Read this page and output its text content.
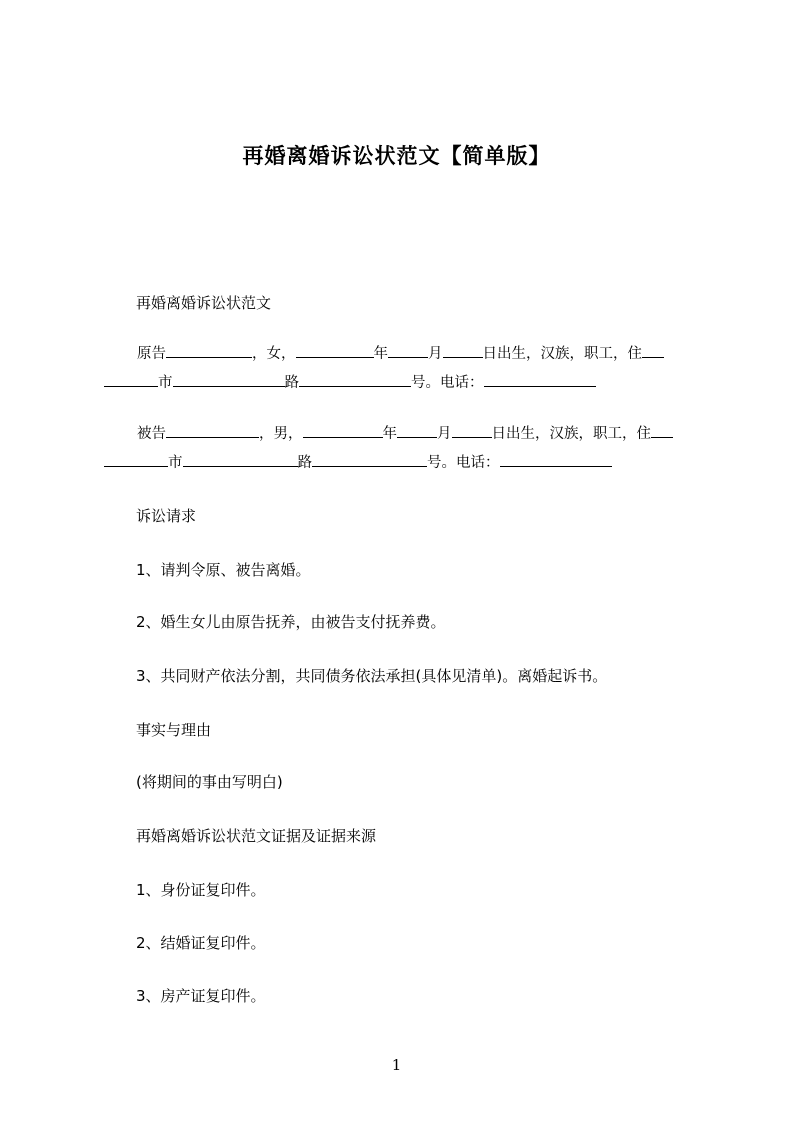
再婚离婚诉讼状范文【简单版】
再婚离婚诉讼状范文
原告	，女，	年	月	日出生，汉族，职工，住
市	路	号。电话：
被告	，男，	年	月	日出生，汉族，职工，住
市	路	号。电话：
诉讼请求
1、请判令原、被告离婚。
2、婚生女儿由原告抚养，由被告支付抚养费。
3、共同财产依法分割，共同债务依法承担(具体见清单)。离婚起诉书。
事实与理由
(将期间的事由写明白)
再婚离婚诉讼状范文证据及证据来源
1、身份证复印件。
2、结婚证复印件。
3、房产证复印件。
1
